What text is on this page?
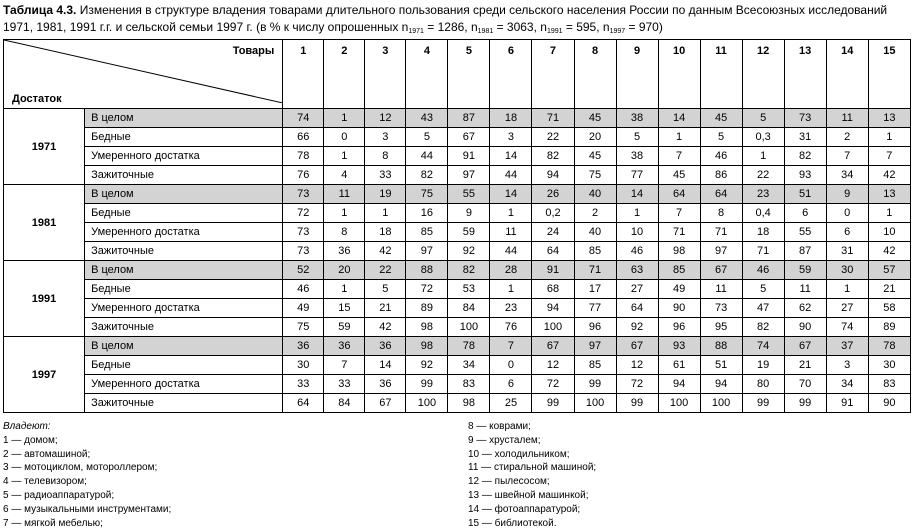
Таблица 4.3. Изменения в структуре владения товарами длительного пользования среди сельского населения России по данным Всесоюзных исследований 1971, 1981, 1991 г.г. и сельской семьи 1997 г. (в % к числу опрошенных $n_{1971} = 1286$, $n_{1981} = 3063$, $n_{1991} = 595$, $n_{1997} = 970$)
Товары
Достаток		1	2	3	4	5	6	7	8	9	10	11	12	13	14	15
1971	В целом	74	1	12	43	87	18	71	45	38	14	45	5	73	11	13
	Бедные	66	0	3	5	67	3	22	20	5	1	5	0,3	31	2	1
	Умеренного достатка	78	1	8	44	91	14	82	45	38	7	46	1	82	7	7
	Зажиточные	76	4	33	82	97	44	94	75	77	45	86	22	93	34	42
1981	В целом	73	11	19	75	55	14	26	40	14	64	64	23	51	9	13
	Бедные	72	1	1	16	9	1	0,2	2	1	7	8	0,4	6	0	1
	Умеренного достатка	73	8	18	85	59	11	24	40	10	71	71	18	55	6	10
	Зажиточные	73	36	42	97	92	44	64	85	46	98	97	71	87	31	42
1991	В целом	52	20	22	88	82	28	91	71	63	85	67	46	59	30	57
	Бедные	46	1	5	72	53	1	68	17	27	49	11	5	11	1	21
	Умеренного достатка	49	15	21	89	84	23	94	77	64	90	73	47	62	27	58
	Зажиточные	75	59	42	98	100	76	100	96	92	96	95	82	90	74	89
1997	В целом	36	36	36	98	78	7	67	97	67	93	88	74	67	37	78
	Бедные	30	7	14	92	34	0	12	85	12	61	51	19	21	3	30
	Умеренного достатка	33	33	36	99	83	6	72	99	72	94	94	80	70	34	83
	Зажиточные	64	84	67	100	98	25	99	100	99	100	100	99	99	91	90
Владеют:
1 — домом;
2 — автомашиной;
3 — мотоциклом, мотороллером;
4 — телевизором;
5 — радиоаппаратурой;
6 — музыкальными инструментами;
7 — мягкой мебелью;
8 — коврами;
9 — хрусталем;
10 — холодильником;
11 — стиральной машиной;
12 — пылесосом;
13 — швейной машинкой;
14 — фотоаппаратурой;
15 — библиотекой.
